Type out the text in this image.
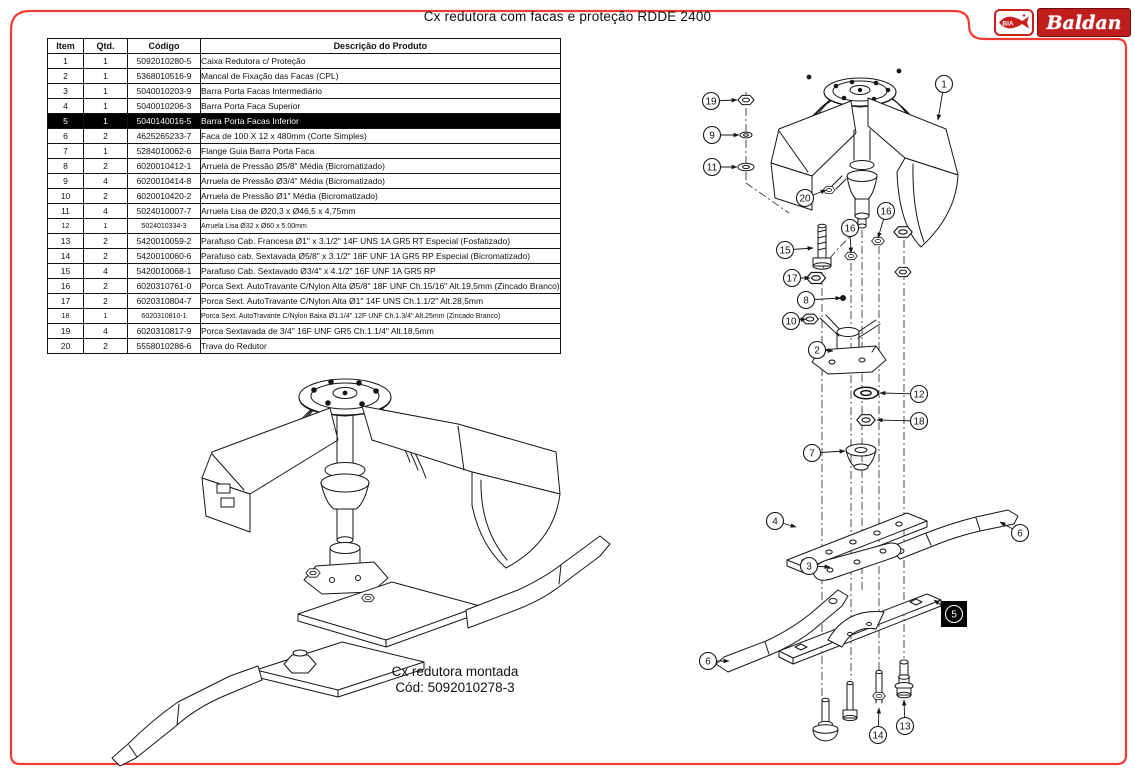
1
19
9
11
20
16
16
15
17
8
10
2
12
18
7
4
6
3
5
6
14
13
Cx redutora com facas e proteção RDDE 2400	BIA Baldan
Item	Qtd.	Código	Descrição do Produto
1	1	5092010280-5	Caixa Redutora c/ Proteção
2	1	5368010516-9	Mancal de Fixação das Facas (CPL)
3	1	5040010203-9	Barra Porta Facas Intermediário
4	1	5040010206-3	Barra Porta Faca Superior
5	1	5040140016-5	Barra Porta Facas Inferior
6	2	4625265233-7	Faca de 100 X 12 x 480mm (Corte Simples)
7	1	5284010062-6	Flange Guia Barra Porta Faca
8	2	6020010412-1	Arruela de Pressão Ø5/8" Média (Bicromatizado)
9	4	6020010414-8	Arruela de Pressão Ø3/4" Média (Bicromatizado)
10	2	6020010420-2	Arruela de Pressão Ø1" Média (Bicromatizado)
11	4	5024010007-7	Arruela Lisa de Ø20,3 x Ø46,5 x 4,75mm
12	1	5024010334-3	Arruela Lisa Ø32 x Ø60 x 5.00mm
13	2	5420010059-2	Parafuso Cab. Francesa Ø1" x 3.1/2" 14F UNS 1A GR5 RT Especial (Fosfatizado)
14	2	5420010060-6	Parafuso cab. Sextavada Ø5/8" x 3.1/2" 18F UNF 1A GR5 RP Especial (Bicromatizado)
15	4	5420010068-1	Parafuso Cab. Sextavado Ø3/4" x 4.1/2" 16F UNF 1A GR5 RP
16	2	6020310761-0	Porca Sext. AutoTravante C/Nylon Alta Ø5/8" 18F UNF Ch.15/16" Alt.19,5mm (Zincado Branco)
17	2	6020310804-7	Porca Sext. AutoTravante C/Nylon Alta Ø1" 14F UNS Ch.1.1/2" Alt.28,5mm
18	1	6020310810-1	Porca Sext. AutoTravante C/Nylon Baixa Ø1.1/4" 12F UNF Ch.1.3/4" Alt.25mm (Zincado Branco)
19	4	6020310817-9	Porca Sextavada de 3/4" 16F UNF GR5 Ch.1.1/4" Alt.18,5mm
20	2	5558010286-6	Trava do Redutor
Cx redutora montada
Cód: 5092010278-3
